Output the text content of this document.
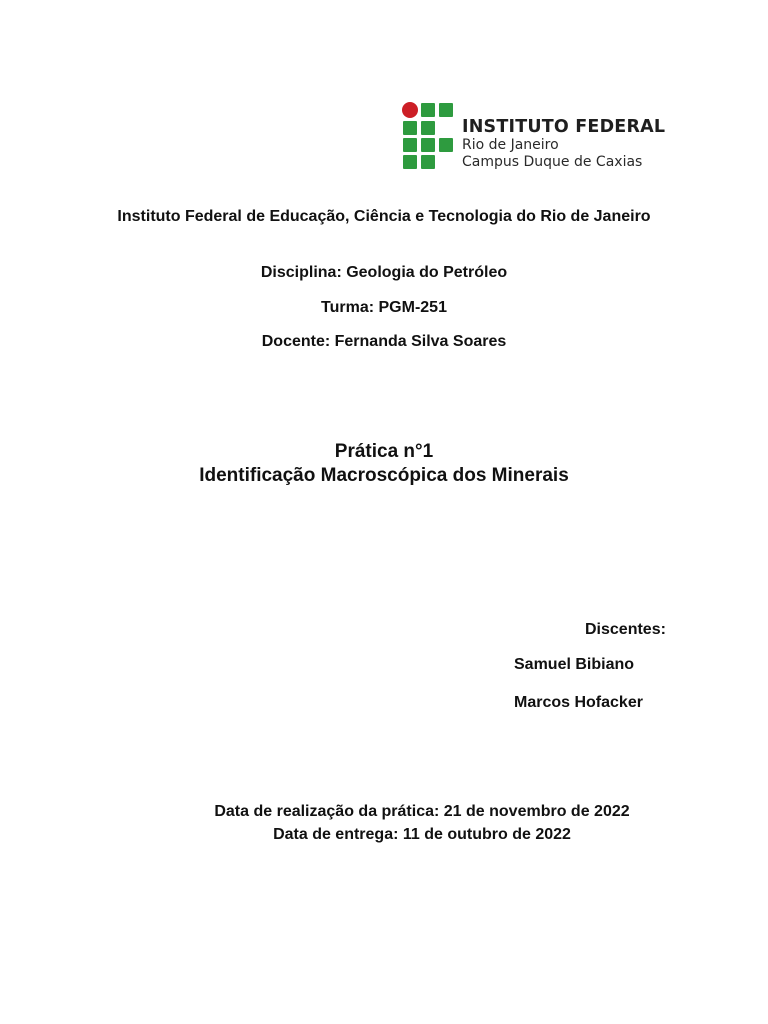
INSTITUTO FEDERAL
Rio de Janeiro
Campus Duque de Caxias
Instituto Federal de Educação, Ciência e Tecnologia do Rio de Janeiro
Disciplina: Geologia do Petróleo
Turma: PGM-251
Docente: Fernanda Silva Soares
Prática n°1
Identificação Macroscópica dos Minerais
Discentes:
Samuel Bibiano
Marcos Hofacker
Data de realização da prática: 21 de novembro de 2022
Data de entrega: 11 de outubro de 2022
